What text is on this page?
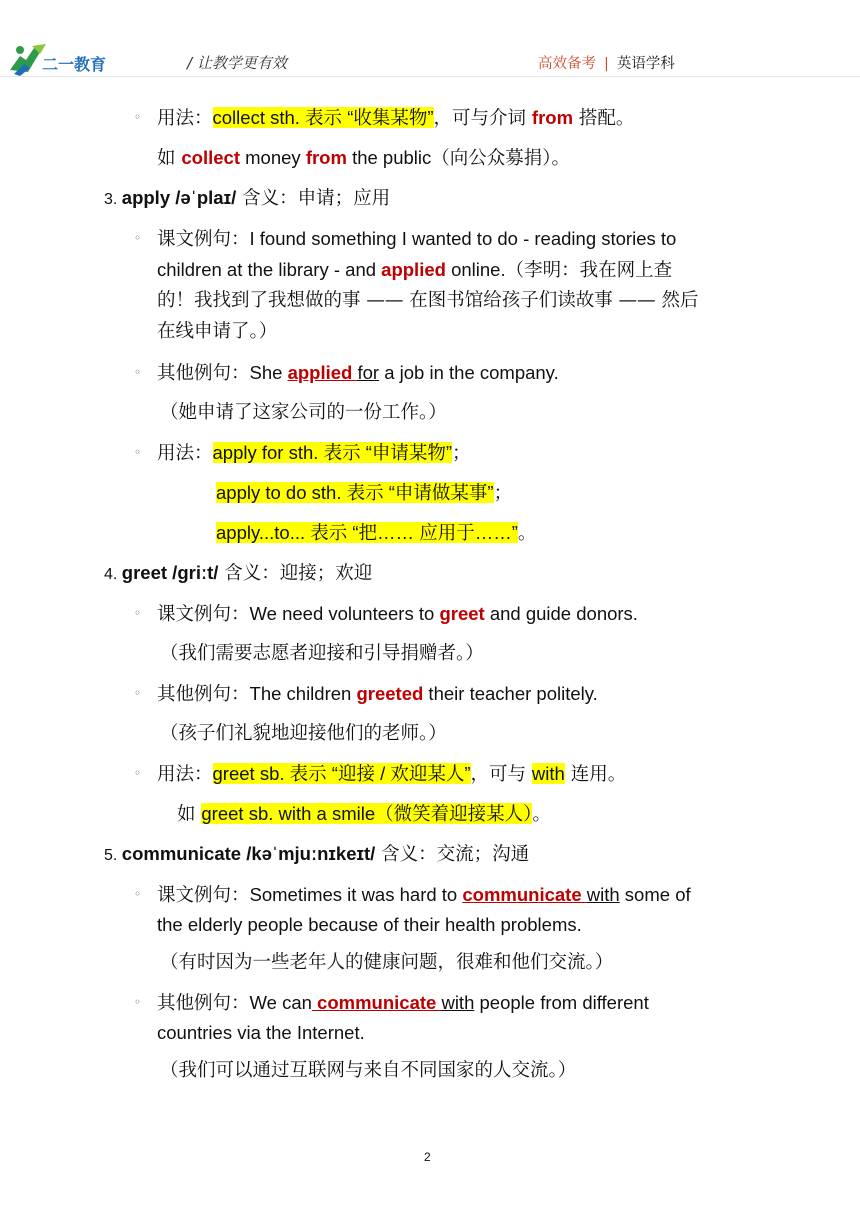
二一教育	/ 让教学更有效	高效备考 | 英语学科
◦ 用法：collect sth. 表示 “收集某物”，可与介词 from 搭配。
如 collect money from the public（向公众募捐）。
3. apply /əˈplaɪ/ 含义：申请；应用
◦ 课文例句：I found something I wanted to do - reading stories to
children at the library - and applied online.（李明：我在网上查
的！我找到了我想做的事 —— 在图书馆给孩子们读故事 —— 然后
在线申请了。）
◦ 其他例句：She applied for a job in the company.
（她申请了这家公司的一份工作。）
◦ 用法：apply for sth. 表示 “申请某物”；
apply to do sth. 表示 “申请做某事”；
apply...to... 表示 “把…… 应用于……”。
4. greet /griːt/ 含义：迎接；欢迎
◦ 课文例句：We need volunteers to greet and guide donors.
（我们需要志愿者迎接和引导捐赠者。）
◦ 其他例句：The children greeted their teacher politely.
（孩子们礼貌地迎接他们的老师。）
◦ 用法：greet sb. 表示 “迎接 / 欢迎某人”，可与 with 连用。
如 greet sb. with a smile（微笑着迎接某人）。
5. communicate /kəˈmjuːnɪkeɪt/ 含义：交流；沟通
◦ 课文例句：Sometimes it was hard to communicate with some of
the elderly people because of their health problems.
（有时因为一些老年人的健康问题，很难和他们交流。）
◦ 其他例句：We can communicate with people from different
countries via the Internet.
（我们可以通过互联网与来自不同国家的人交流。）
2
